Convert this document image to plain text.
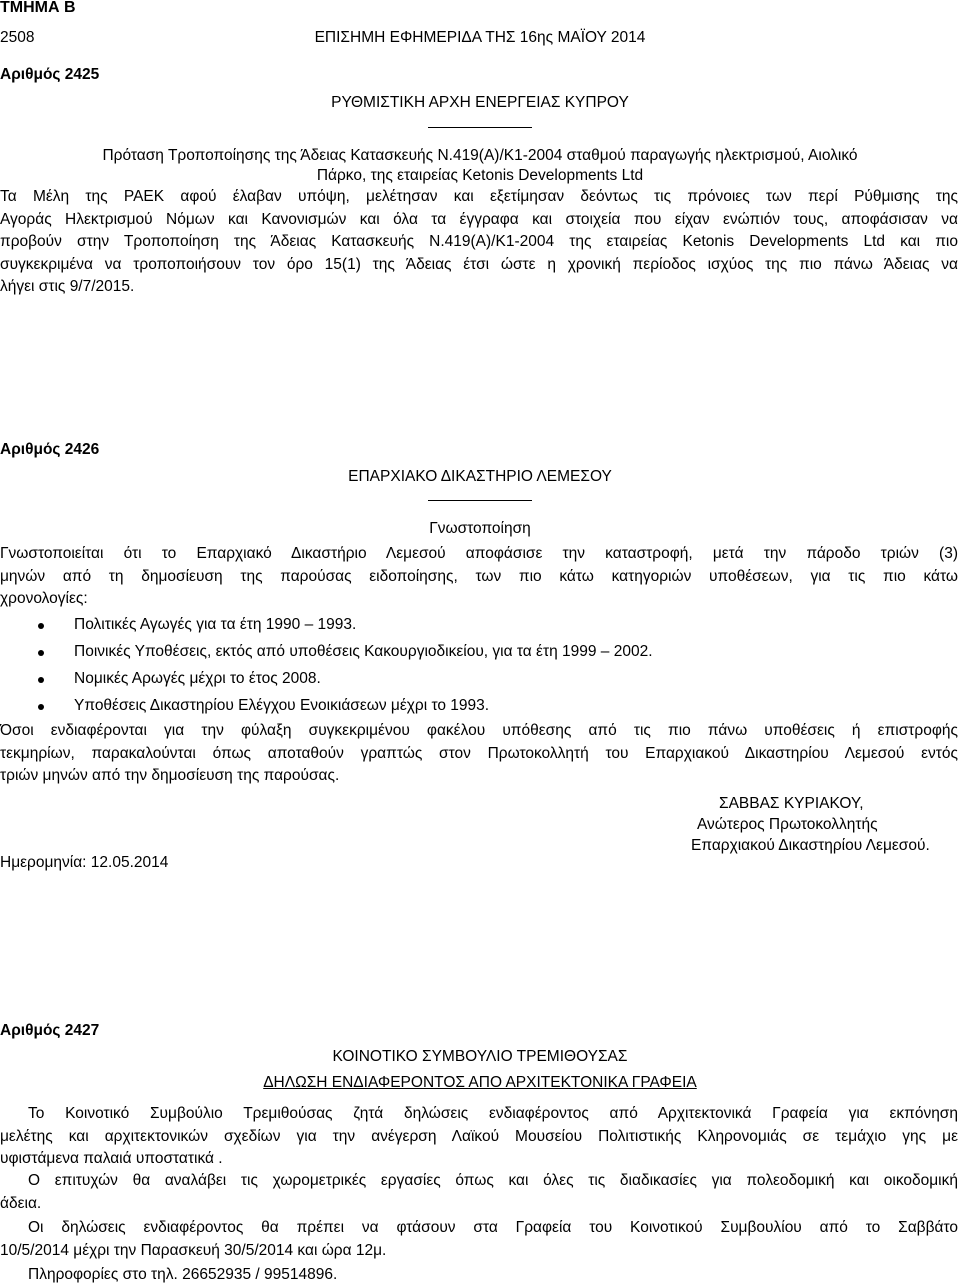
ΤΜΗΜΑ Β
2508	ΕΠΙΣΗΜΗ ΕΦΗΜΕΡΙΔΑ ΤΗΣ 16ης ΜΑΪΟΥ 2014
Αριθμός 2425
ΡΥΘΜΙΣΤΙΚΗ ΑΡΧΗ ΕΝΕΡΓΕΙΑΣ ΚΥΠΡΟΥ
Πρόταση Τροποποίησης της Άδειας Κατασκευής Ν.419(Α)/Κ1-2004 σταθμού παραγωγής ηλεκτρισμού, Αιολικό
Πάρκο, της εταιρείας Ketonis Developments Ltd
Τα Μέλη της ΡΑΕΚ αφού έλαβαν υπόψη, μελέτησαν και εξετίμησαν δεόντως τις πρόνοιες των περί Ρύθμισης της
Αγοράς Ηλεκτρισμού Νόμων και Κανονισμών και όλα τα έγγραφα και στοιχεία που είχαν ενώπιόν τους, αποφάσισαν να
προβούν στην Τροποποίηση της Άδειας Κατασκευής Ν.419(Α)/Κ1-2004 της εταιρείας Ketonis Developments Ltd και πιο
συγκεκριμένα να τροποποιήσουν τον όρο 15(1) της Άδειας έτσι ώστε η χρονική περίοδος ισχύος της πιο πάνω Άδειας να
λήγει στις 9/7/2015.
Αριθμός 2426
ΕΠΑΡΧΙΑΚΟ ΔΙΚΑΣΤΗΡΙΟ ΛΕΜΕΣΟΥ
Γνωστοποίηση
Γνωστοποιείται ότι το Επαρχιακό Δικαστήριο Λεμεσού αποφάσισε την καταστροφή, μετά την πάροδο τριών (3)
μηνών από τη δημοσίευση της παρούσας ειδοποίησης, των πιο κάτω κατηγοριών υποθέσεων, για τις πιο κάτω
χρονολογίες:
Πολιτικές Αγωγές για τα έτη 1990 – 1993.
Ποινικές Υποθέσεις, εκτός από υποθέσεις Κακουργιοδικείου, για τα έτη 1999 – 2002.
Νομικές Αρωγές μέχρι το έτος 2008.
Υποθέσεις Δικαστηρίου Ελέγχου Ενοικιάσεων μέχρι το 1993.
Όσοι ενδιαφέρονται για την φύλαξη συγκεκριμένου φακέλου υπόθεσης από τις πιο πάνω υποθέσεις ή επιστροφής
τεκμηρίων, παρακαλούνται όπως αποταθούν γραπτώς στον Πρωτοκολλητή του Επαρχιακού Δικαστηρίου Λεμεσού εντός
τριών μηνών από την δημοσίευση της παρούσας.
ΣΑΒΒΑΣ ΚΥΡΙΑΚΟΥ,
Ανώτερος Πρωτοκολλητής
Επαρχιακού Δικαστηρίου Λεμεσού.
Ημερομηνία: 12.05.2014
Αριθμός 2427
ΚΟΙΝΟΤΙΚΟ ΣΥΜΒΟΥΛΙΟ ΤΡΕΜΙΘΟΥΣΑΣ
ΔΗΛΩΣΗ ΕΝΔΙΑΦΕΡΟΝΤΟΣ ΑΠΟ ΑΡΧΙΤΕΚΤΟΝΙΚΑ ΓΡΑΦΕΙΑ
Το Κοινοτικό Συμβούλιο Τρεμιθούσας ζητά δηλώσεις ενδιαφέροντος από Αρχιτεκτονικά Γραφεία για εκπόνηση
μελέτης και αρχιτεκτονικών σχεδίων για την ανέγερση Λαϊκού Μουσείου Πολιτιστικής Κληρονομιάς σε τεμάχιο γης με
υφιστάμενα παλαιά υποστατικά .
Ο επιτυχών θα αναλάβει τις χωρομετρικές εργασίες όπως και όλες τις διαδικασίες για πολεοδομική και οικοδομική
άδεια.
Οι δηλώσεις ενδιαφέροντος θα πρέπει να φτάσουν στα Γραφεία του Κοινοτικού Συμβουλίου από το Σαββάτο
10/5/2014 μέχρι την Παρασκευή 30/5/2014 και ώρα 12μ.
Πληροφορίες στο τηλ. 26652935 / 99514896.
